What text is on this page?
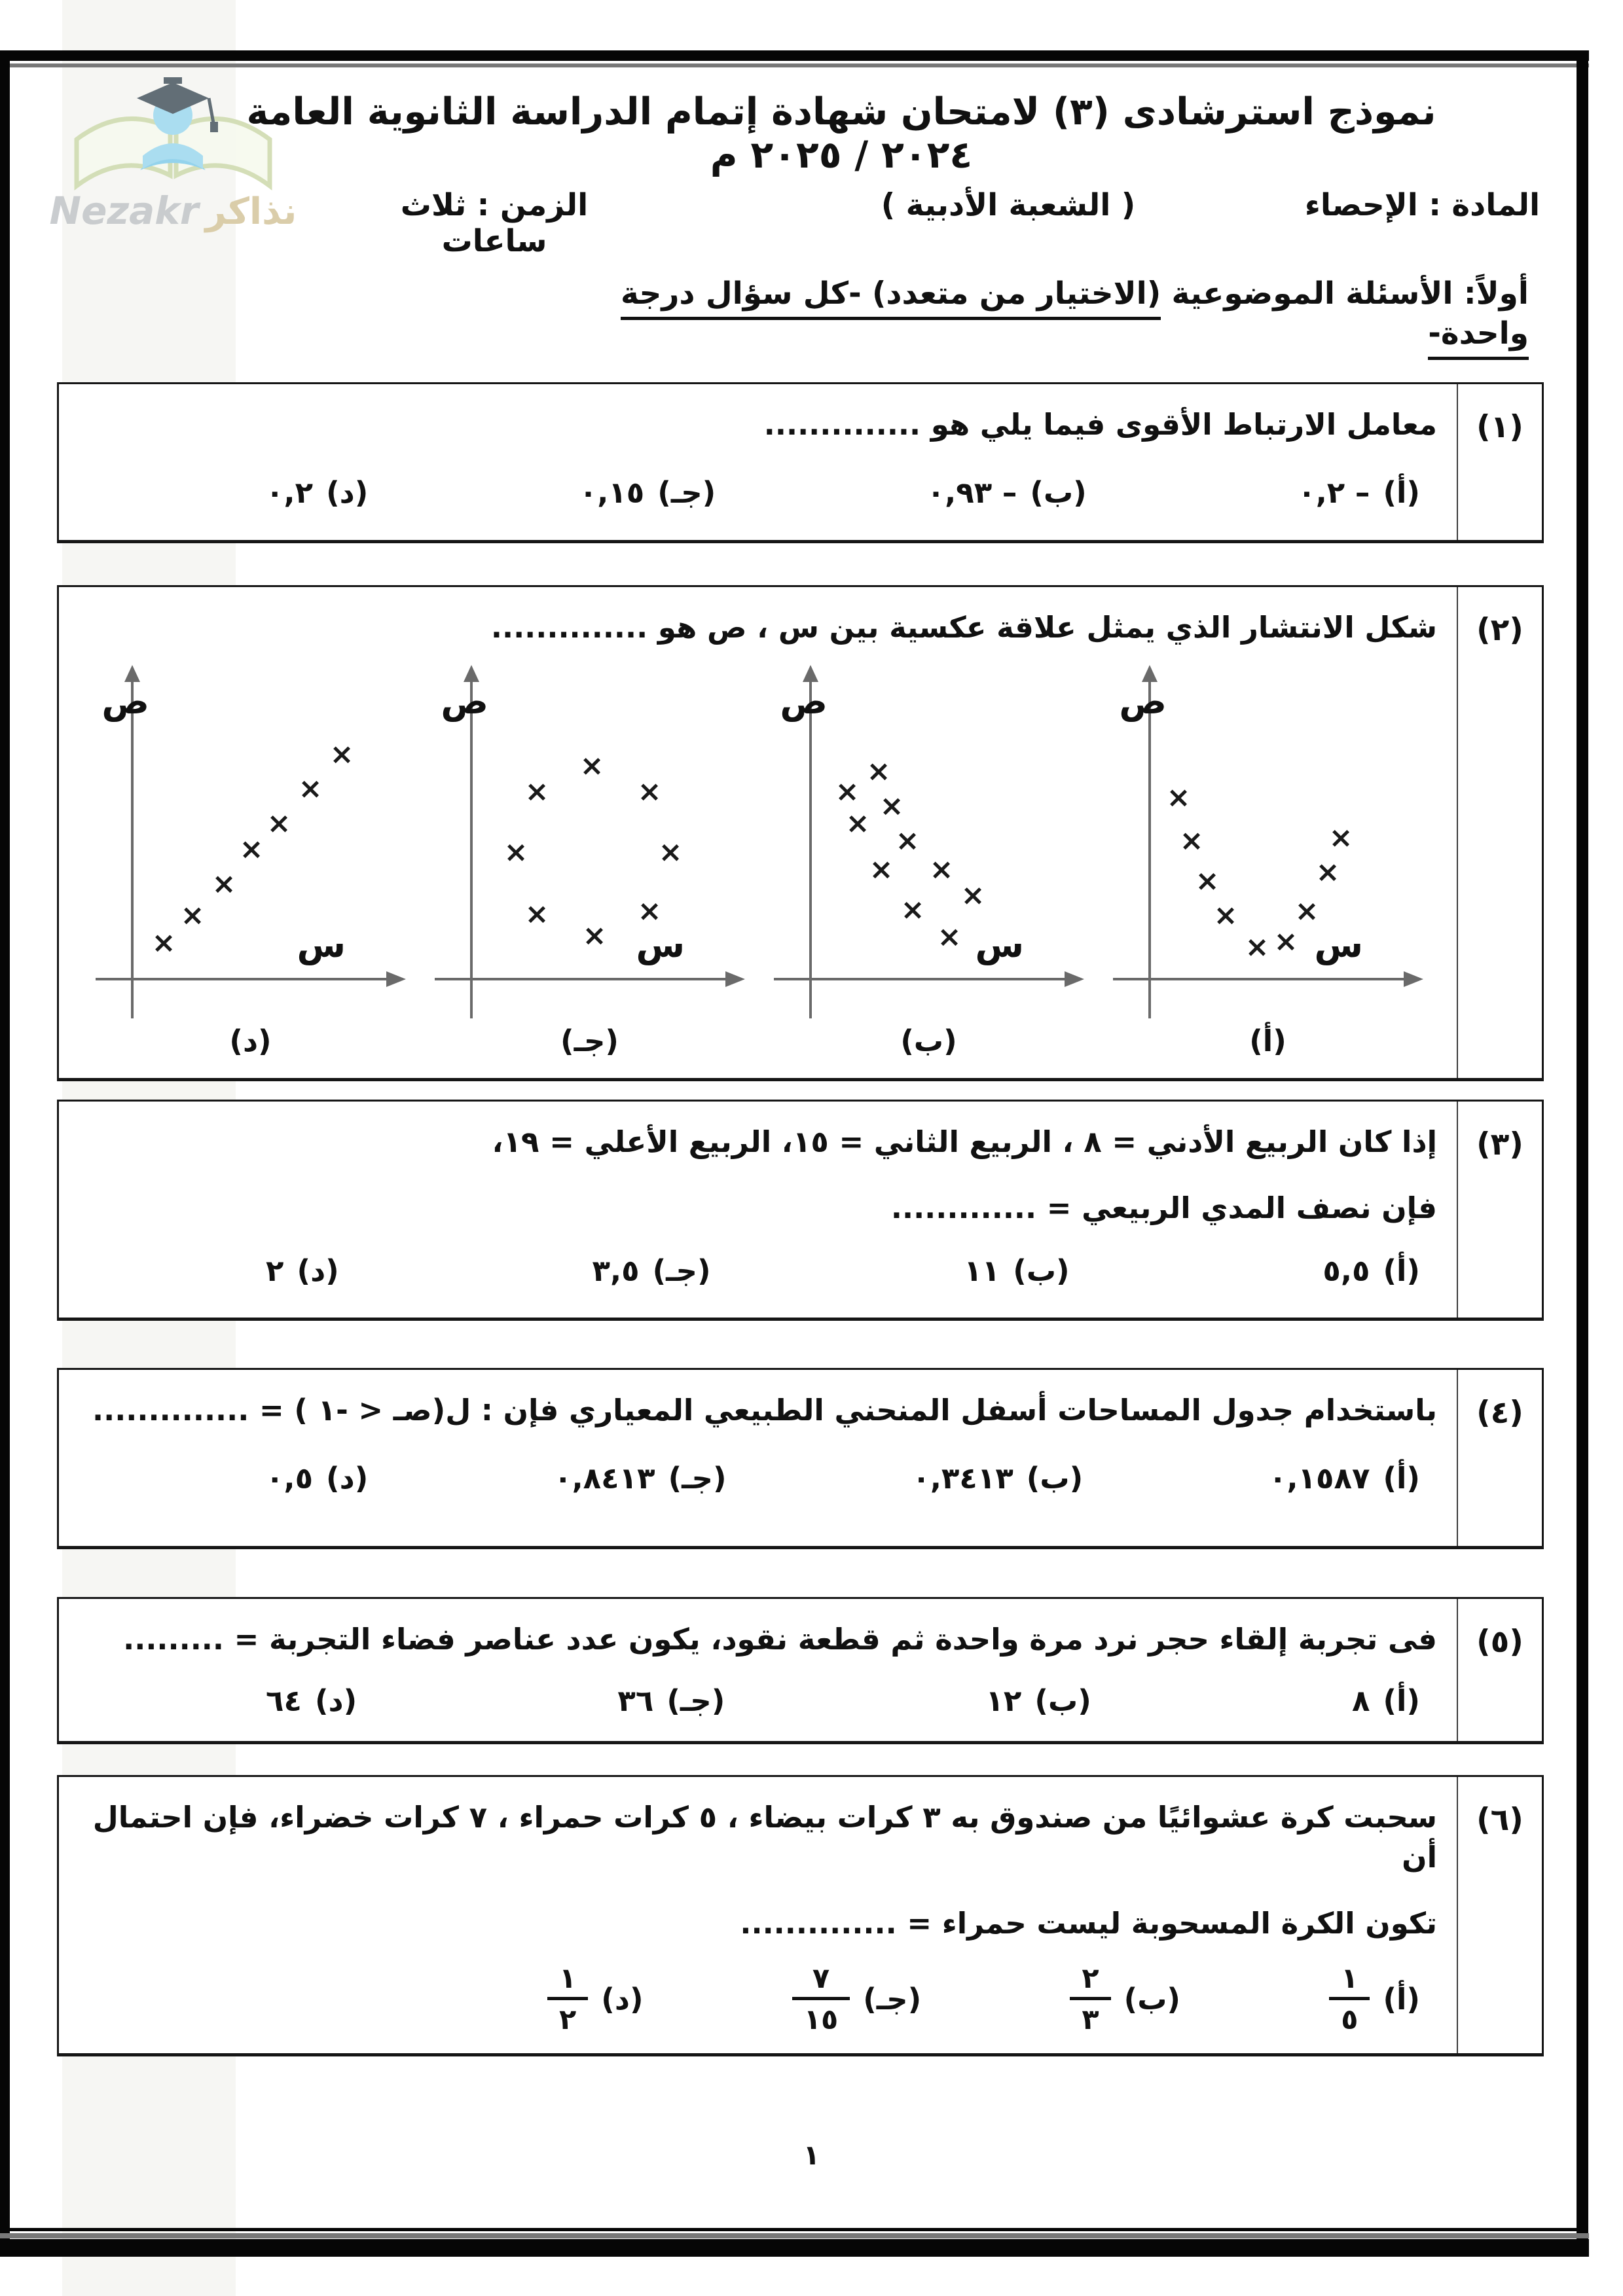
Nezakr نذاكر
نموذج استرشادى (٣) لامتحان شهادة إتمام الدراسة الثانوية العامة ٢٠٢٤ / ٢٠٢٥ م
المادة : الإحصاء
( الشعبة الأدبية )
الزمن : ثلاث ساعات
أولاً: الأسئلة الموضوعية (الاختيار من متعدد) -كل سؤال درجة واحدة-
(١)
معامل الارتباط الأقوى فيما يلي هو ..............
(أ)
– ٠,٢
(ب)
– ٠,٩٣
(جـ)
٠,١٥
(د)
٠,٢
(٢)
شكل الانتشار الذي يمثل علاقة عكسية بين س ، ص هو ..............
ص
س
×
×
×
×
× ×
×
×
×
(أ)
ص
س
×
× ×
×
×
× ×
×
×
×
(ب)
ص
س
×
×	×
×	×
×	×
×
(جـ)
ص
س
×
×
×
×
×
×
×
(د)
(٣)
إذا كان الربيع الأدني = ٨ ، الربيع الثاني = ١٥، الربيع الأعلي = ١٩،
فإن نصف المدي الربيعي = .............
(أ)
٥,٥
(ب)
١١
(جـ)
٣,٥
(د)
٢
(٤)
باستخدام جدول المساحات أسفل المنحني الطبيعي المعياري فإن : ل(صـ < -١ ) = ..............
(أ)
٠,١٥٨٧
(ب)
٠,٣٤١٣
(جـ)
٠,٨٤١٣
(د)
٠,٥
(٥)
فى تجربة إلقاء حجر نرد مرة واحدة ثم قطعة نقود، يكون عدد عناصر فضاء التجربة = .........
(أ)
٨
(ب)
١٢
(جـ)
٣٦
(د)
٦٤
(٦)
سحبت كرة عشوائيًا من صندوق به ٣ كرات بيضاء ، ٥ كرات حمراء ، ٧ كرات خضراء، فإن احتمال أن
تكون الكرة المسحوبة ليست حمراء = ..............
(أ)
$\frac{١}{٥}$
(ب)
$\frac{٢}{٣}$
(جـ)
$\frac{٧}{١٥}$
(د)
$\frac{١}{٢}$
١
